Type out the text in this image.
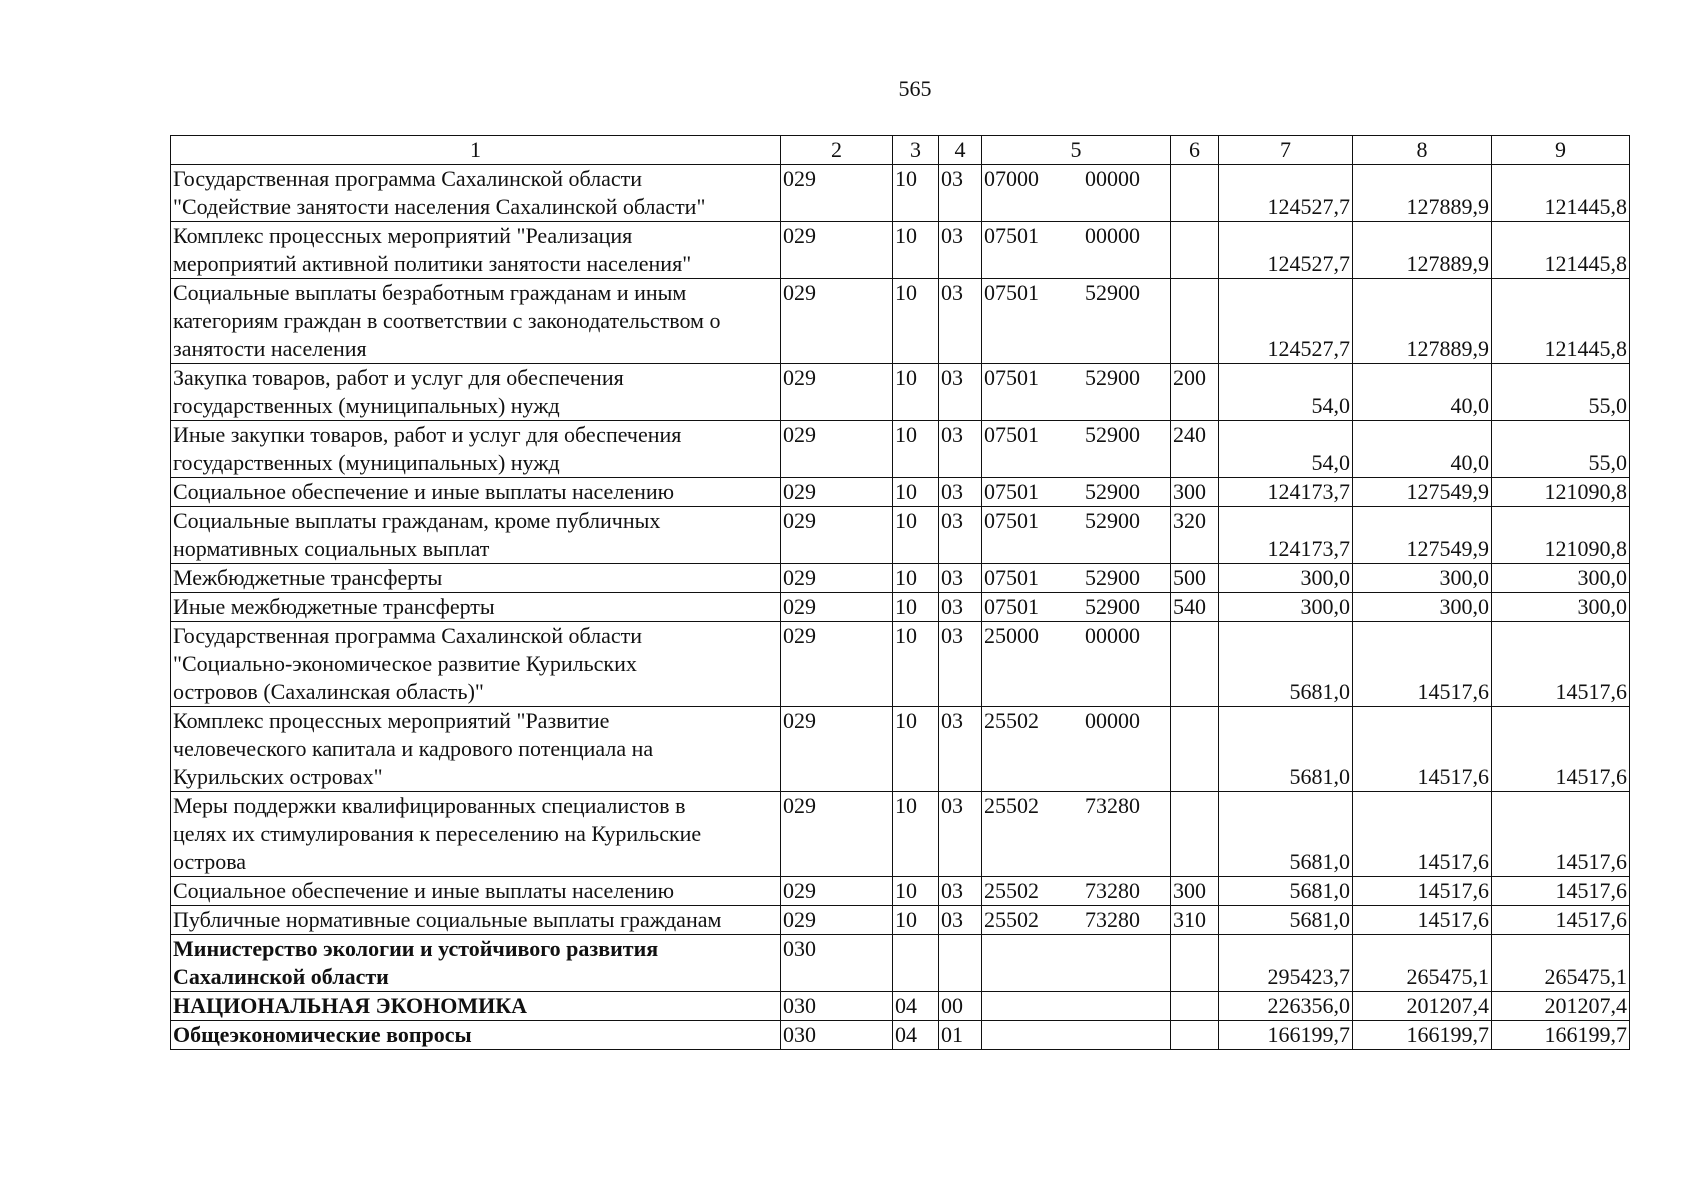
565
1	2	3	4	5	6	7	8	9

Государственная программа Сахалинской области
"Содействие занятости населения Сахалинской области"	029	10	03	07000 00000		124527,7	127889,9	121445,8

Комплекс процессных мероприятий "Реализация
мероприятий активной политики занятости населения"	029	10	03	07501 00000		124527,7	127889,9	121445,8

Социальные выплаты безработным гражданам и иным
категориям граждан в соответствии с законодательством о
занятости населения	029	10	03	07501 52900		124527,7	127889,9	121445,8

Закупка товаров, работ и услуг для обеспечения
государственных (муниципальных) нужд	029	10	03	07501 52900	200	54,0	40,0	55,0

Иные закупки товаров, работ и услуг для обеспечения
государственных (муниципальных) нужд	029	10	03	07501 52900	240	54,0	40,0	55,0

Социальное обеспечение и иные выплаты населению	029	10	03	07501 52900	300	124173,7	127549,9	121090,8

Социальные выплаты гражданам, кроме публичных
нормативных социальных выплат	029	10	03	07501 52900	320	124173,7	127549,9	121090,8

Межбюджетные трансферты	029	10	03	07501 52900	500	300,0	300,0	300,0

Иные межбюджетные трансферты	029	10	03	07501 52900	540	300,0	300,0	300,0

Государственная программа Сахалинской области
"Социально-экономическое развитие Курильских
островов (Сахалинская область)"	029	10	03	25000 00000		5681,0	14517,6	14517,6

Комплекс процессных мероприятий "Развитие
человеческого капитала и кадрового потенциала на
Курильских островах"	029	10	03	25502 00000		5681,0	14517,6	14517,6

Меры поддержки квалифицированных специалистов в
целях их стимулирования к переселению на Курильские
острова	029	10	03	25502 73280		5681,0	14517,6	14517,6

Социальное обеспечение и иные выплаты населению	029	10	03	25502 73280	300	5681,0	14517,6	14517,6

Публичные нормативные социальные выплаты гражданам	029	10	03	25502 73280	310	5681,0	14517,6	14517,6

Министерство экологии и устойчивого развития
Сахалинской области	030					295423,7	265475,1	265475,1

НАЦИОНАЛЬНАЯ ЭКОНОМИКА	030	04	00			226356,0	201207,4	201207,4

Общеэкономические вопросы	030	04	01			166199,7	166199,7	166199,7
